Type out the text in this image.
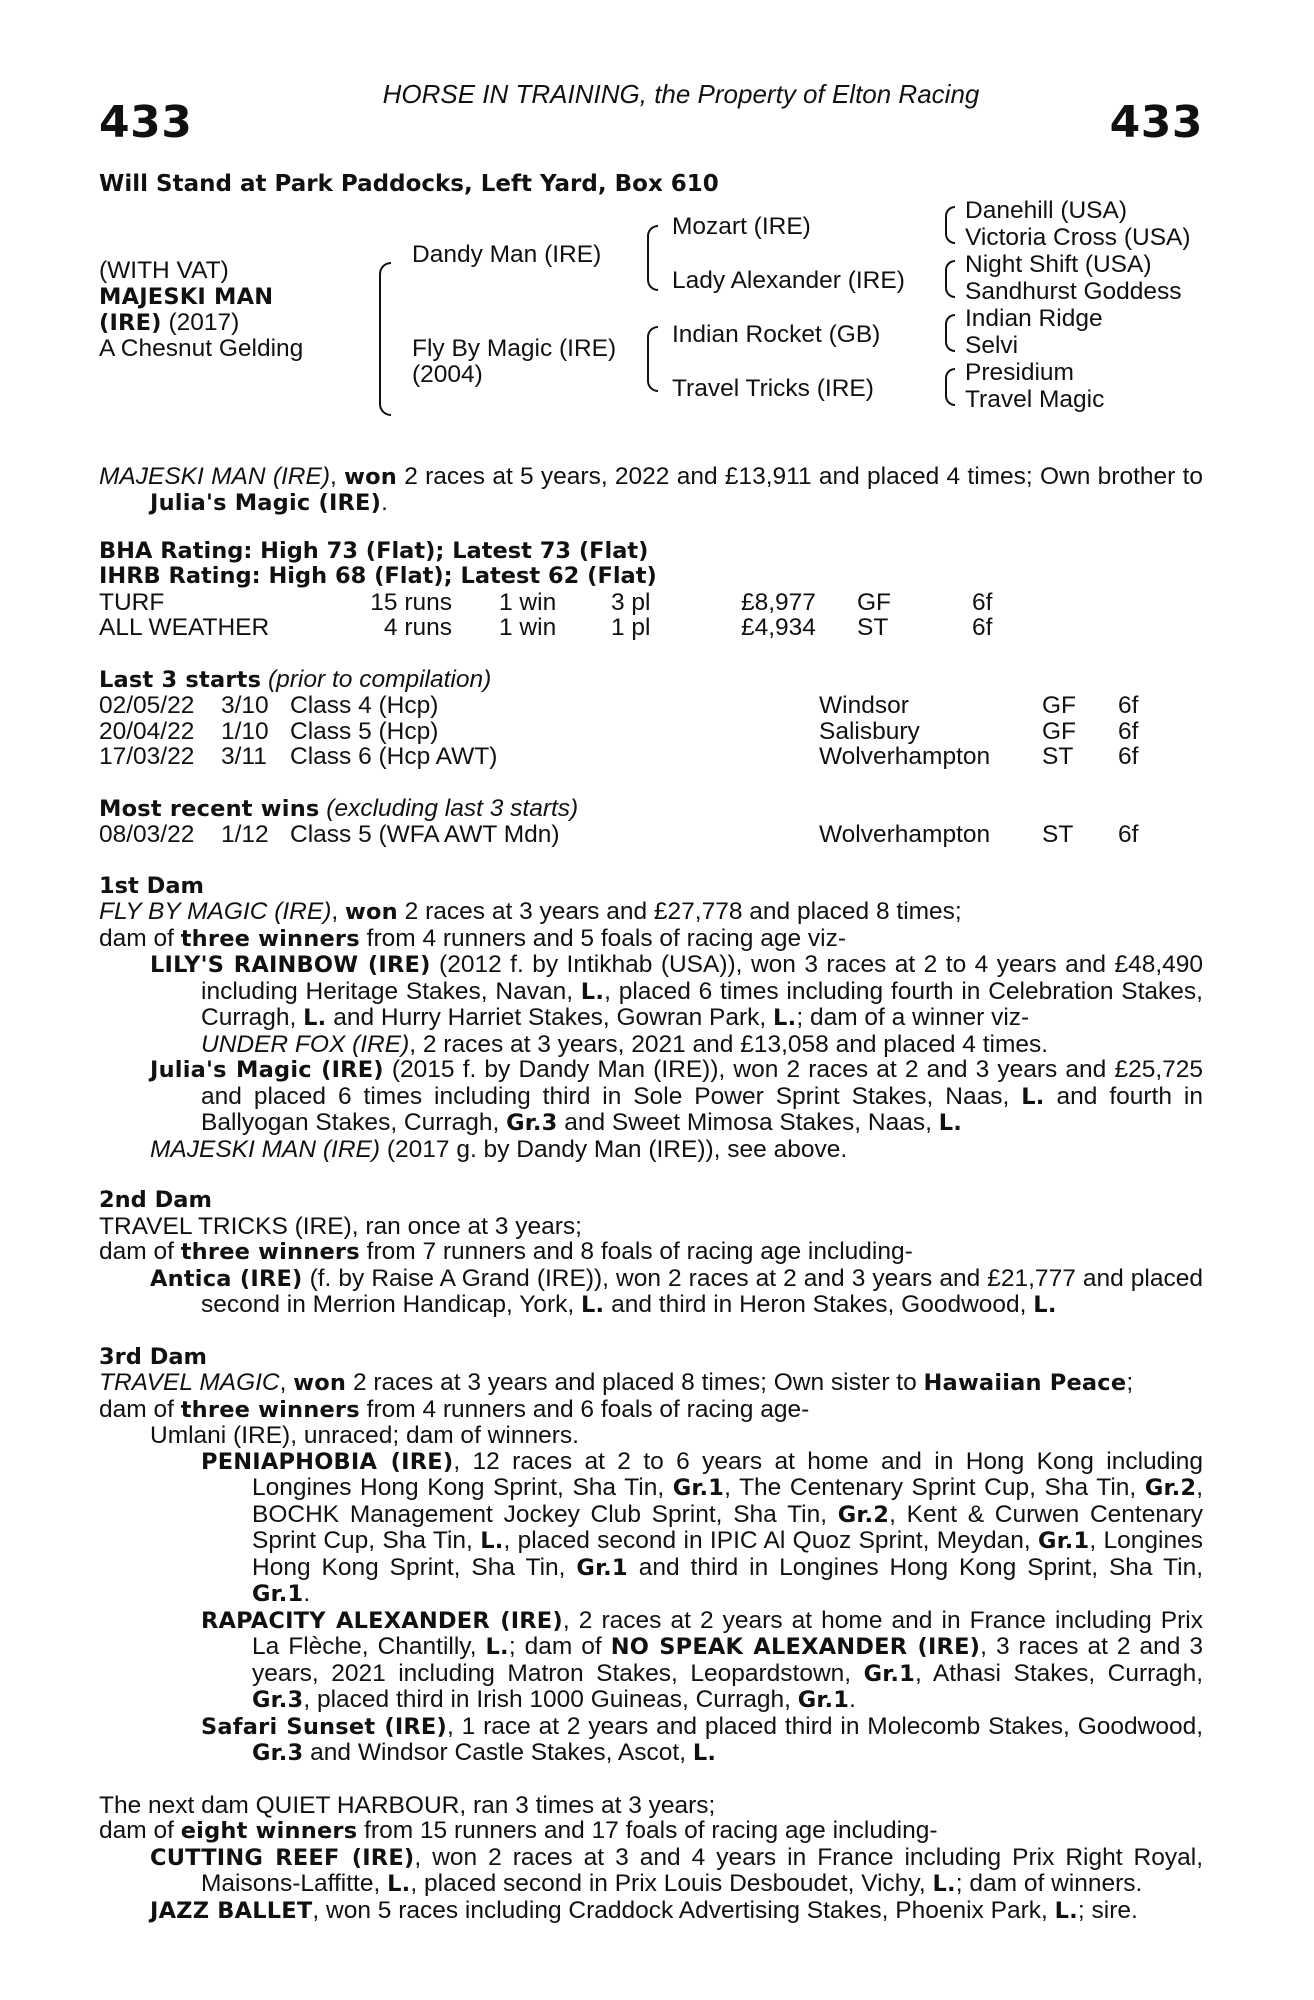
HORSE IN TRAINING, the Property of Elton Racing
433	433
Will Stand at Park Paddocks, Left Yard, Box 610
(WITH VAT)
MAJESKI MAN
(IRE) (2017)
A Chesnut Gelding
Dandy Man (IRE)
Fly By Magic (IRE)
(2004)
Mozart (IRE)
Lady Alexander (IRE)
Indian Rocket (GB)
Travel Tricks (IRE)
Danehill (USA)
Victoria Cross (USA)
Night Shift (USA)
Sandhurst Goddess
Indian Ridge
Selvi
Presidium
Travel Magic
MAJESKI MAN (IRE), won 2 races at 5 years, 2022 and £13,911 and placed 4 times; Own brother to Julia's Magic (IRE).
BHA Rating: High 73 (Flat); Latest 73 (Flat)
IHRB Rating: High 68 (Flat); Latest 62 (Flat)
TURF	15 runs 1 win 3 pl	£8,977 GF	6f
ALL WEATHER	4 runs 1 win 1 pl	£4,934 ST	6f
Last 3 starts (prior to compilation)
02/05/22 3/10 Class 4 (Hcp)	Windsor	GF 6f
20/04/22 1/10 Class 5 (Hcp)	Salisbury	GF 6f
17/03/22 3/11 Class 6 (Hcp AWT)	Wolverhampton ST 6f
Most recent wins (excluding last 3 starts)
08/03/22 1/12 Class 5 (WFA AWT Mdn)	Wolverhampton ST 6f
1st Dam
FLY BY MAGIC (IRE), won 2 races at 3 years and £27,778 and placed 8 times;
dam of three winners from 4 runners and 5 foals of racing age viz-
LILY'S RAINBOW (IRE) (2012 f. by Intikhab (USA)), won 3 races at 2 to 4 years and £48,490 including Heritage Stakes, Navan, L., placed 6 times including fourth in Celebration Stakes, Curragh, L. and Hurry Harriet Stakes, Gowran Park, L.; dam of a winner viz-
UNDER FOX (IRE), 2 races at 3 years, 2021 and £13,058 and placed 4 times.
Julia's Magic (IRE) (2015 f. by Dandy Man (IRE)), won 2 races at 2 and 3 years and £25,725 and placed 6 times including third in Sole Power Sprint Stakes, Naas, L. and fourth in Ballyogan Stakes, Curragh, Gr.3 and Sweet Mimosa Stakes, Naas, L.
MAJESKI MAN (IRE) (2017 g. by Dandy Man (IRE)), see above.
2nd Dam
TRAVEL TRICKS (IRE), ran once at 3 years;
dam of three winners from 7 runners and 8 foals of racing age including-
Antica (IRE) (f. by Raise A Grand (IRE)), won 2 races at 2 and 3 years and £21,777 and placed second in Merrion Handicap, York, L. and third in Heron Stakes, Goodwood, L.
3rd Dam
TRAVEL MAGIC, won 2 races at 3 years and placed 8 times; Own sister to Hawaiian Peace;
dam of three winners from 4 runners and 6 foals of racing age-
Umlani (IRE), unraced; dam of winners.
PENIAPHOBIA (IRE), 12 races at 2 to 6 years at home and in Hong Kong including Longines Hong Kong Sprint, Sha Tin, Gr.1, The Centenary Sprint Cup, Sha Tin, Gr.2, BOCHK Management Jockey Club Sprint, Sha Tin, Gr.2, Kent & Curwen Centenary Sprint Cup, Sha Tin, L., placed second in IPIC Al Quoz Sprint, Meydan, Gr.1, Longines Hong Kong Sprint, Sha Tin, Gr.1 and third in Longines Hong Kong Sprint, Sha Tin, Gr.1.
RAPACITY ALEXANDER (IRE), 2 races at 2 years at home and in France including Prix La Flèche, Chantilly, L.; dam of NO SPEAK ALEXANDER (IRE), 3 races at 2 and 3 years, 2021 including Matron Stakes, Leopardstown, Gr.1, Athasi Stakes, Curragh, Gr.3, placed third in Irish 1000 Guineas, Curragh, Gr.1.
Safari Sunset (IRE), 1 race at 2 years and placed third in Molecomb Stakes, Goodwood, Gr.3 and Windsor Castle Stakes, Ascot, L.
The next dam QUIET HARBOUR, ran 3 times at 3 years;
dam of eight winners from 15 runners and 17 foals of racing age including-
CUTTING REEF (IRE), won 2 races at 3 and 4 years in France including Prix Right Royal, Maisons-Laffitte, L., placed second in Prix Louis Desboudet, Vichy, L.; dam of winners.
JAZZ BALLET, won 5 races including Craddock Advertising Stakes, Phoenix Park, L.; sire.
